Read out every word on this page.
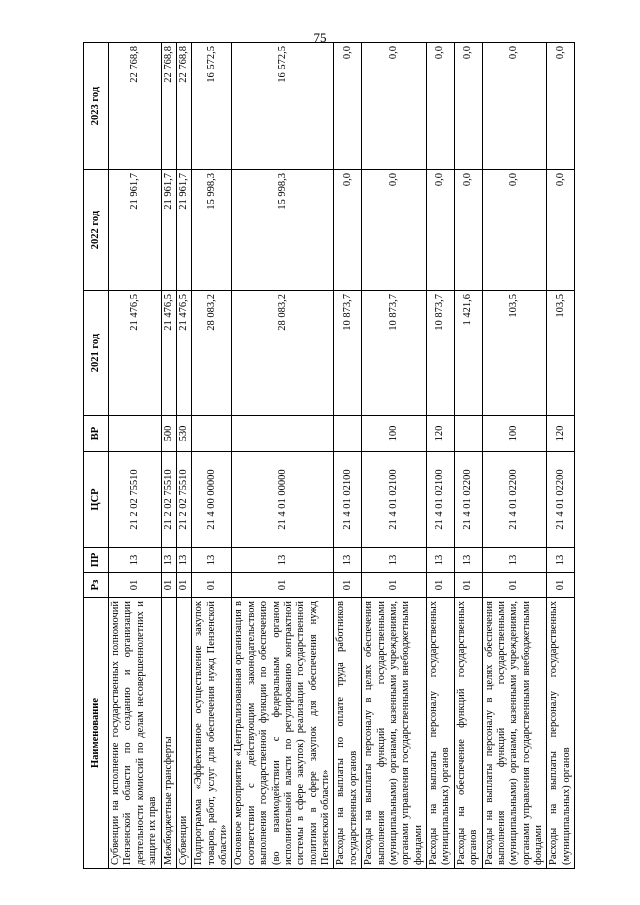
75
Наименование	Рз	ПР	ЦСР	ВР	2021 год	2022 год	2023 год
Субвенции на исполнение государственных полномочий Пензенской области по созданию и организации деятельности комиссий по делам несовершеннолетних и защите их прав	01	13	21 2 02 75510		21 476,5	21 961,7	22 768,8
Межбюджетные трансферты	01	13	21 2 02 75510	500	21 476,5	21 961,7	22 768,8
Субвенции	01	13	21 2 02 75510	530	21 476,5	21 961,7	22 768,8
Подпрограмма «Эффективное осуществление закупок товаров, работ, услуг для обеспечения нужд Пензенской области»	01	13	21 4 00 00000		28 083,2	15 998,3	16 572,5
Основное мероприятие «Централизованная организация в соответствии с действующим законодательством выполнения государственной функции по обеспечению (во взаимодействии с федеральным органом исполнительной власти по регулированию контрактной системы в сфере закупок) реализации государственной политики в сфере закупок для обеспечения нужд Пензенской области»	01	13	21 4 01 00000		28 083,2	15 998,3	16 572,5
Расходы на выплаты по оплате труда работников государственных органов	01	13	21 4 01 02100		10 873,7	0,0	0,0
Расходы на выплаты персоналу в целях обеспечения выполнения функций государственными (муниципальными) органами, казенными учреждениями, органами управления государственными внебюджетными фондами	01	13	21 4 01 02100	100	10 873,7	0,0	0,0
Расходы на выплаты персоналу государственных (муниципальных) органов	01	13	21 4 01 02100	120	10 873,7	0,0	0,0
Расходы на обеспечение функций государственных органов	01	13	21 4 01 02200		1 421,6	0,0	0,0
Расходы на выплаты персоналу в целях обеспечения выполнения функций государственными (муниципальными) органами, казенными учреждениями, органами управления государственными внебюджетными фондами	01	13	21 4 01 02200	100	103,5	0,0	0,0
Расходы на выплаты персоналу государственных (муниципальных) органов	01	13	21 4 01 02200	120	103,5	0,0	0,0
